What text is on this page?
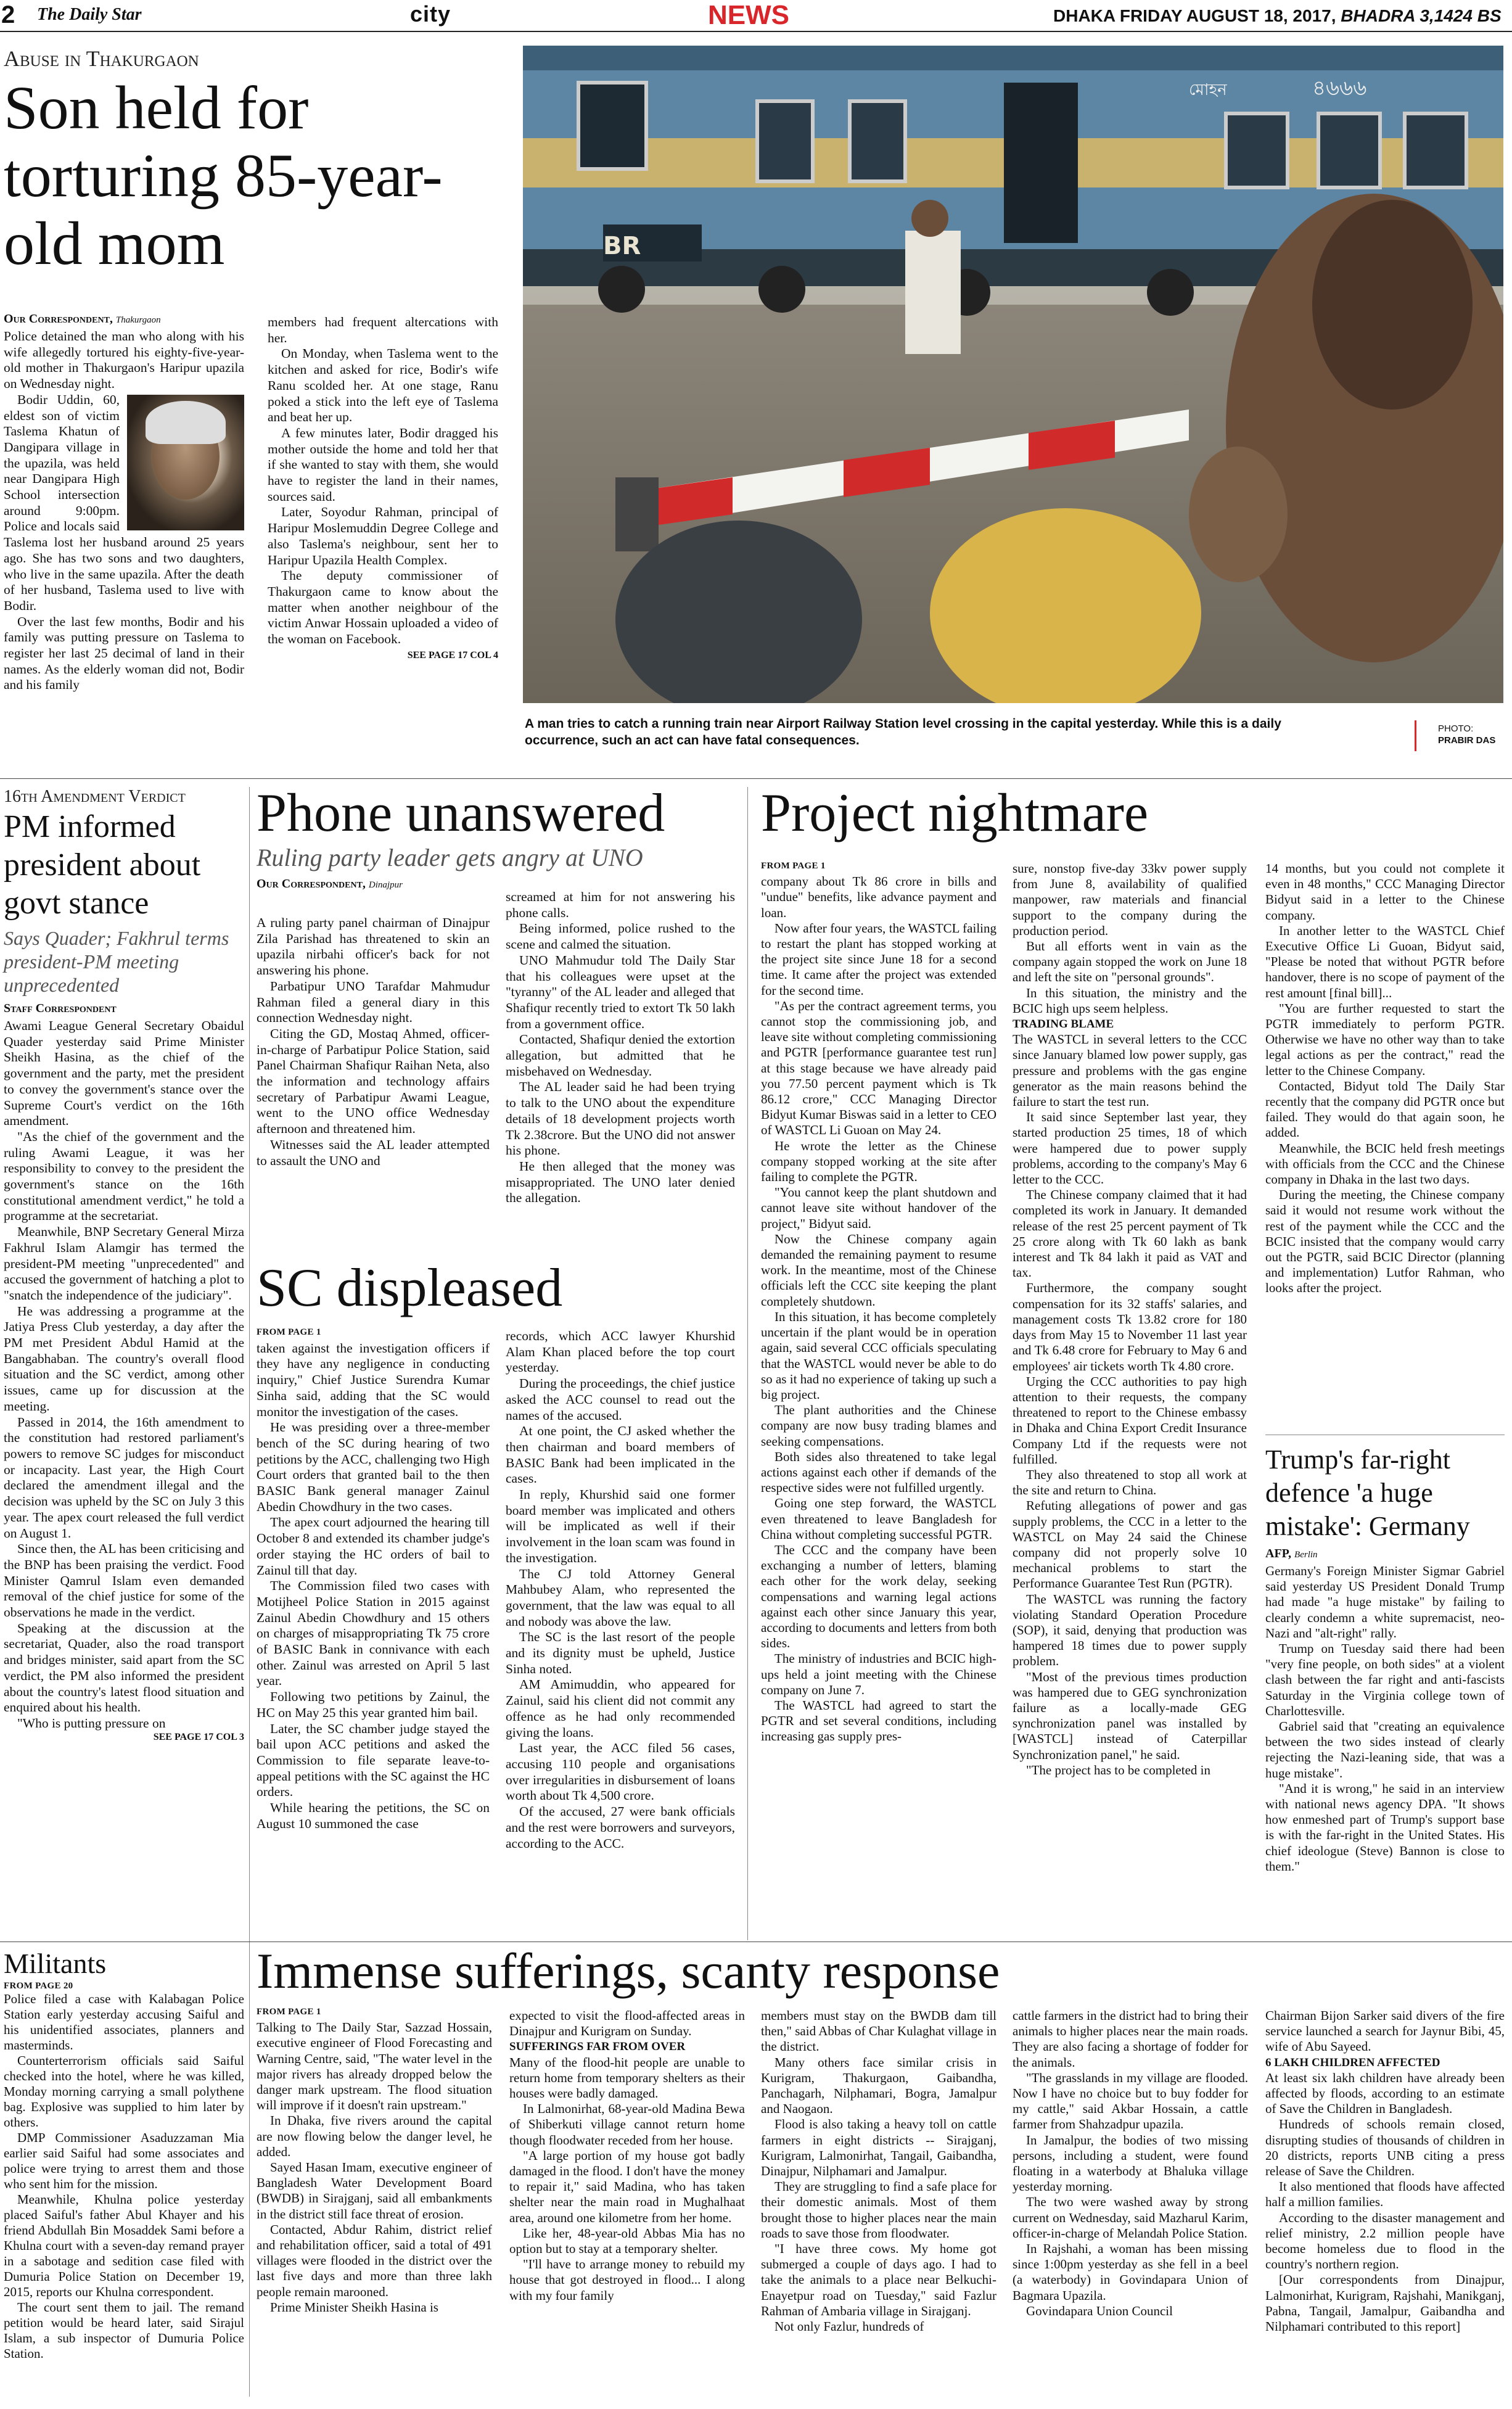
2 The Daily Star	city	NEWS	DHAKA FRIDAY AUGUST 18, 2017, BHADRA 3,1424 BS
Abuse in Thakurgaon
Son held for torturing 85-year-old mom
Our Correspondent, Thakurgaon

Police detained the man who along with his wife allegedly tortured his eighty-five-year-old mother in Thakurgaon's Haripur upazila on Wednesday night.

Bodir Uddin, 60, eldest son of victim Taslema Khatun of Dangipara village in the upazila, was held near Dangipara High School intersection around 9:00pm. Police and locals said Taslema lost her husband around 25 years ago. She has two sons and two daughters, who live in the same upazila. After the death of her husband, Taslema used to live with Bodir.

Over the last few months, Bodir and his family was putting pressure on Taslema to register her last 25 decimal of land in their names. As the elderly woman did not, Bodir and his family

members had frequent altercations with her.

On Monday, when Taslema went to the kitchen and asked for rice, Bodir's wife Ranu scolded her. At one stage, Ranu poked a stick into the left eye of Taslema and beat her up.

A few minutes later, Bodir dragged his mother outside the home and told her that if she wanted to stay with them, she would have to register the land in their names, sources said.

Later, Soyodur Rahman, principal of Haripur Moslemuddin Degree College and also Taslema's neighbour, sent her to Haripur Upazila Health Complex.

The deputy commissioner of Thakurgaon came to know about the matter when another neighbour of the victim Anwar Hossain uploaded a video of the woman on Facebook.

SEE PAGE 17 COL 4
BR
৪৬৬৬
মোহন
A man tries to catch a running train near Airport Railway Station level crossing in the capital yesterday. While this is a daily occurrence, such an act can have fatal consequences.
PHOTO:
PRABIR DAS
16th Amendment Verdict
PM informed president about govt stance
Says Quader; Fakhrul terms president-PM meeting unprecedented
Staff Correspondent

Awami League General Secretary Obaidul Quader yesterday said Prime Minister Sheikh Hasina, as the chief of the government and the party, met the president to convey the government's stance over the Supreme Court's verdict on the 16th amendment.

"As the chief of the government and the ruling Awami League, it was her responsibility to convey to the president the government's stance on the 16th constitutional amendment verdict," he told a programme at the secretariat.

Meanwhile, BNP Secretary General Mirza Fakhrul Islam Alamgir has termed the president-PM meeting "unprecedented" and accused the government of hatching a plot to "snatch the independence of the judiciary".

He was addressing a programme at the Jatiya Press Club yesterday, a day after the PM met President Abdul Hamid at the Bangabhaban. The country's overall flood situation and the SC verdict, among other issues, came up for discussion at the meeting.

Passed in 2014, the 16th amendment to the constitution had restored parliament's powers to remove SC judges for misconduct or incapacity. Last year, the High Court declared the amendment illegal and the decision was upheld by the SC on July 3 this year. The apex court released the full verdict on August 1.

Since then, the AL has been criticising and the BNP has been praising the verdict. Food Minister Qamrul Islam even demanded removal of the chief justice for some of the observations he made in the verdict.

Speaking at the discussion at the secretariat, Quader, also the road transport and bridges minister, said apart from the SC verdict, the PM also informed the president about the country's latest flood situation and enquired about his health.

"Who is putting pressure on

SEE PAGE 17 COL 3
Phone unanswered
Ruling party leader gets angry at UNO
Our Correspondent, Dinajpur

A ruling party panel chairman of Dinajpur Zila Parishad has threatened to skin an upazila nirbahi officer's back for not answering his phone.

Parbatipur UNO Tarafdar Mahmudur Rahman filed a general diary in this connection Wednesday night.

Citing the GD, Mostaq Ahmed, officer-in-charge of Parbatipur Police Station, said Panel Chairman Shafiqur Raihan Neta, also the information and technology affairs secretary of Parbatipur Awami League, went to the UNO office Wednesday afternoon and threatened him.

Witnesses said the AL leader attempted to assault the UNO and

screamed at him for not answering his phone calls.

Being informed, police rushed to the scene and calmed the situation.

UNO Mahmudur told The Daily Star that his colleagues were upset at the "tyranny" of the AL leader and alleged that Shafiqur recently tried to extort Tk 50 lakh from a government office.

Contacted, Shafiqur denied the extortion allegation, but admitted that he misbehaved on Wednesday.

The AL leader said he had been trying to talk to the UNO about the expenditure details of 18 development projects worth Tk 2.38crore. But the UNO did not answer his phone.

He then alleged that the money was misappropriated. The UNO later denied the allegation.

SC displeased
FROM PAGE 1

taken against the investigation officers if they have any negligence in conducting inquiry," Chief Justice Surendra Kumar Sinha said, adding that the SC would monitor the investigation of the cases.

He was presiding over a three-member bench of the SC during hearing of two petitions by the ACC, challenging two High Court orders that granted bail to the then BASIC Bank general manager Zainul Abedin Chowdhury in the two cases.

The apex court adjourned the hearing till October 8 and extended its chamber judge's order staying the HC orders of bail to Zainul till that day.

The Commission filed two cases with Motijheel Police Station in 2015 against Zainul Abedin Chowdhury and 15 others on charges of misappropriating Tk 75 crore of BASIC Bank in connivance with each other. Zainul was arrested on April 5 last year.

Following two petitions by Zainul, the HC on May 25 this year granted him bail.

Later, the SC chamber judge stayed the bail upon ACC petitions and asked the Commission to file separate leave-to-appeal petitions with the SC against the HC orders.

While hearing the petitions, the SC on August 10 summoned the case

records, which ACC lawyer Khurshid Alam Khan placed before the top court yesterday.

During the proceedings, the chief justice asked the ACC counsel to read out the names of the accused.

At one point, the CJ asked whether the then chairman and board members of BASIC Bank had been implicated in the cases.

In reply, Khurshid said one former board member was implicated and others will be implicated as well if their involvement in the loan scam was found in the investigation.

The CJ told Attorney General Mahbubey Alam, who represented the government, that the law was equal to all and nobody was above the law.

The SC is the last resort of the people and its dignity must be upheld, Justice Sinha noted.

AM Amimuddin, who appeared for Zainul, said his client did not commit any offence as he had only recommended giving the loans.

Last year, the ACC filed 56 cases, accusing 110 people and organisations over irregularities in disbursement of loans worth about Tk 4,500 crore.

Of the accused, 27 were bank officials and the rest were borrowers and surveyors, according to the ACC.

Project nightmare
FROM PAGE 1

company about Tk 86 crore in bills and "undue" benefits, like advance payment and loan.

Now after four years, the WASTCL failing to restart the plant has stopped working at the project site since June 18 for a second time. It came after the project was extended for the second time.

"As per the contract agreement terms, you cannot stop the commissioning job, and leave site without completing commissioning and PGTR [performance guarantee test run] at this stage because we have already paid you 77.50 percent payment which is Tk 86.12 crore," CCC Managing Director Bidyut Kumar Biswas said in a letter to CEO of WASTCL Li Guoan on May 24.

He wrote the letter as the Chinese company stopped working at the site after failing to complete the PGTR.

"You cannot keep the plant shutdown and cannot leave site without handover of the project," Bidyut said.

Now the Chinese company again demanded the remaining payment to resume work. In the meantime, most of the Chinese officials left the CCC site keeping the plant completely shutdown.

In this situation, it has become completely uncertain if the plant would be in operation again, said several CCC officials speculating that the WASTCL would never be able to do so as it had no experience of taking up such a big project.

The plant authorities and the Chinese company are now busy trading blames and seeking compensations.

Both sides also threatened to take legal actions against each other if demands of the respective sides were not fulfilled urgently.

Going one step forward, the WASTCL even threatened to leave Bangladesh for China without completing successful PGTR.

The CCC and the company have been exchanging a number of letters, blaming each other for the work delay, seeking compensations and warning legal actions against each other since January this year, according to documents and letters from both sides.

The ministry of industries and BCIC high-ups held a joint meeting with the Chinese company on June 7.

The WASTCL had agreed to start the PGTR and set several conditions, including increasing gas supply pres-

sure, nonstop five-day 33kv power supply from June 8, availability of qualified manpower, raw materials and financial support to the company during the production period.

But all efforts went in vain as the company again stopped the work on June 18 and left the site on "personal grounds".

In this situation, the ministry and the BCIC high ups seem helpless.

TRADING BLAME

The WASTCL in several letters to the CCC since January blamed low power supply, gas pressure and problems with the gas engine generator as the main reasons behind the failure to start the test run.

It said since September last year, they started production 25 times, 18 of which were hampered due to power supply problems, according to the company's May 6 letter to the CCC.

The Chinese company claimed that it had completed its work in January. It demanded release of the rest 25 percent payment of Tk 25 crore along with Tk 60 lakh as bank interest and Tk 84 lakh it paid as VAT and tax.

Furthermore, the company sought compensation for its 32 staffs' salaries, and management costs Tk 13.82 crore for 180 days from May 15 to November 11 last year and Tk 6.48 crore for February to May 6 and employees' air tickets worth Tk 4.80 crore.

Urging the CCC authorities to pay high attention to their requests, the company threatened to report to the Chinese embassy in Dhaka and China Export Credit Insurance Company Ltd if the requests were not fulfilled.

They also threatened to stop all work at the site and return to China.

Refuting allegations of power and gas supply problems, the CCC in a letter to the WASTCL on May 24 said the Chinese company did not properly solve 10 mechanical problems to start the Performance Guarantee Test Run (PGTR).

The WASTCL was running the factory violating Standard Operation Procedure (SOP), it said, denying that production was hampered 18 times due to power supply problem.

"Most of the previous times production was hampered due to GEG synchronization failure as a locally-made GEG synchronization panel was installed by [WASTCL] instead of Caterpillar Synchronization panel," he said.

"The project has to be completed in

14 months, but you could not complete it even in 48 months," CCC Managing Director Bidyut said in a letter to the Chinese company.

In another letter to the WASTCL Chief Executive Office Li Guoan, Bidyut said, "Please be noted that without PGTR before handover, there is no scope of payment of the rest amount [final bill]...

"You are further requested to start the PGTR immediately to perform PGTR. Otherwise we have no other way than to take legal actions as per the contract," read the letter to the Chinese Company.

Contacted, Bidyut told The Daily Star recently that the company did PGTR once but failed. They would do that again soon, he added.

Meanwhile, the BCIC held fresh meetings with officials from the CCC and the Chinese company in Dhaka in the last two days.

During the meeting, the Chinese company said it would not resume work without the rest of the payment while the CCC and the BCIC insisted that the company would carry out the PGTR, said BCIC Director (planning and implementation) Lutfor Rahman, who looks after the project.

Trump's far-right defence 'a huge mistake': Germany
AFP, Berlin

Germany's Foreign Minister Sigmar Gabriel said yesterday US President Donald Trump had made "a huge mistake" by failing to clearly condemn a white supremacist, neo-Nazi and "alt-right" rally.

Trump on Tuesday said there had been "very fine people, on both sides" at a violent clash between the far right and anti-fascists Saturday in the Virginia college town of Charlottesville.

Gabriel said that "creating an equivalence between the two sides instead of clearly rejecting the Nazi-leaning side, that was a huge mistake".

"And it is wrong," he said in an interview with national news agency DPA. "It shows how enmeshed part of Trump's support base is with the far-right in the United States. His chief ideologue (Steve) Bannon is close to them."

Militants
FROM PAGE 20

Police filed a case with Kalabagan Police Station early yesterday accusing Saiful and his unidentified associates, planners and masterminds.

Counterterrorism officials said Saiful checked into the hotel, where he was killed, Monday morning carrying a small polythene bag. Explosive was supplied to him later by others.

DMP Commissioner Asaduzzaman Mia earlier said Saiful had some associates and police were trying to arrest them and those who sent him for the mission.

Meanwhile, Khulna police yesterday placed Saiful's father Abul Khayer and his friend Abdullah Bin Mosaddek Sami before a Khulna court with a seven-day remand prayer in a sabotage and sedition case filed with Dumuria Police Station on December 19, 2015, reports our Khulna correspondent.

The court sent them to jail. The remand petition would be heard later, said Sirajul Islam, a sub inspector of Dumuria Police Station.

Immense sufferings, scanty response
FROM PAGE 1

Talking to The Daily Star, Sazzad Hossain, executive engineer of Flood Forecasting and Warning Centre, said, "The water level in the major rivers has already dropped below the danger mark upstream. The flood situation will improve if it doesn't rain upstream."

In Dhaka, five rivers around the capital are now flowing below the danger level, he added.

Sayed Hasan Imam, executive engineer of Bangladesh Water Development Board (BWDB) in Sirajganj, said all embankments in the district still face threat of erosion.

Contacted, Abdur Rahim, district relief and rehabilitation officer, said a total of 491 villages were flooded in the district over the last five days and more than three lakh people remain marooned.

Prime Minister Sheikh Hasina is

expected to visit the flood-affected areas in Dinajpur and Kurigram on Sunday.

SUFFERINGS FAR FROM OVER

Many of the flood-hit people are unable to return home from temporary shelters as their houses were badly damaged.

In Lalmonirhat, 68-year-old Madina Bewa of Shiberkuti village cannot return home though floodwater receded from her house.

"A large portion of my house got badly damaged in the flood. I don't have the money to repair it," said Madina, who has taken shelter near the main road in Mughalhaat area, around one kilometre from her home.

Like her, 48-year-old Abbas Mia has no option but to stay at a temporary shelter.

"I'll have to arrange money to rebuild my house that got destroyed in flood... I along with my four family

members must stay on the BWDB dam till then," said Abbas of Char Kulaghat village in the district.

Many others face similar crisis in Kurigram, Thakurgaon, Gaibandha, Panchagarh, Nilphamari, Bogra, Jamalpur and Naogaon.

Flood is also taking a heavy toll on cattle farmers in eight districts -- Sirajganj, Kurigram, Lalmonirhat, Tangail, Gaibandha, Dinajpur, Nilphamari and Jamalpur.

They are struggling to find a safe place for their domestic animals. Most of them brought those to higher places near the main roads to save those from floodwater.

"I have three cows. My home got submerged a couple of days ago. I had to take the animals to a place near Belkuchi-Enayetpur road on Tuesday," said Fazlur Rahman of Ambaria village in Sirajganj.

Not only Fazlur, hundreds of

cattle farmers in the district had to bring their animals to higher places near the main roads. They are also facing a shortage of fodder for the animals.

"The grasslands in my village are flooded. Now I have no choice but to buy fodder for my cattle," said Akbar Hossain, a cattle farmer from Shahzadpur upazila.

In Jamalpur, the bodies of two missing persons, including a student, were found floating in a waterbody at Bhaluka village yesterday morning.

The two were washed away by strong current on Wednesday, said Mazharul Karim, officer-in-charge of Melandah Police Station.

In Rajshahi, a woman has been missing since 1:00pm yesterday as she fell in a beel (a waterbody) in Govindapara Union of Bagmara Upazila.

Govindapara Union Council

Chairman Bijon Sarker said divers of the fire service launched a search for Jaynur Bibi, 45, wife of Abu Sayeed.

6 LAKH CHILDREN AFFECTED

At least six lakh children have already been affected by floods, according to an estimate of Save the Children in Bangladesh.

Hundreds of schools remain closed, disrupting studies of thousands of children in 20 districts, reports UNB citing a press release of Save the Children.

It also mentioned that floods have affected half a million families.

According to the disaster management and relief ministry, 2.2 million people have become homeless due to flood in the country's northern region.

[Our correspondents from Dinajpur, Lalmonirhat, Kurigram, Rajshahi, Manikganj, Pabna, Tangail, Jamalpur, Gaibandha and Nilphamari contributed to this report]
